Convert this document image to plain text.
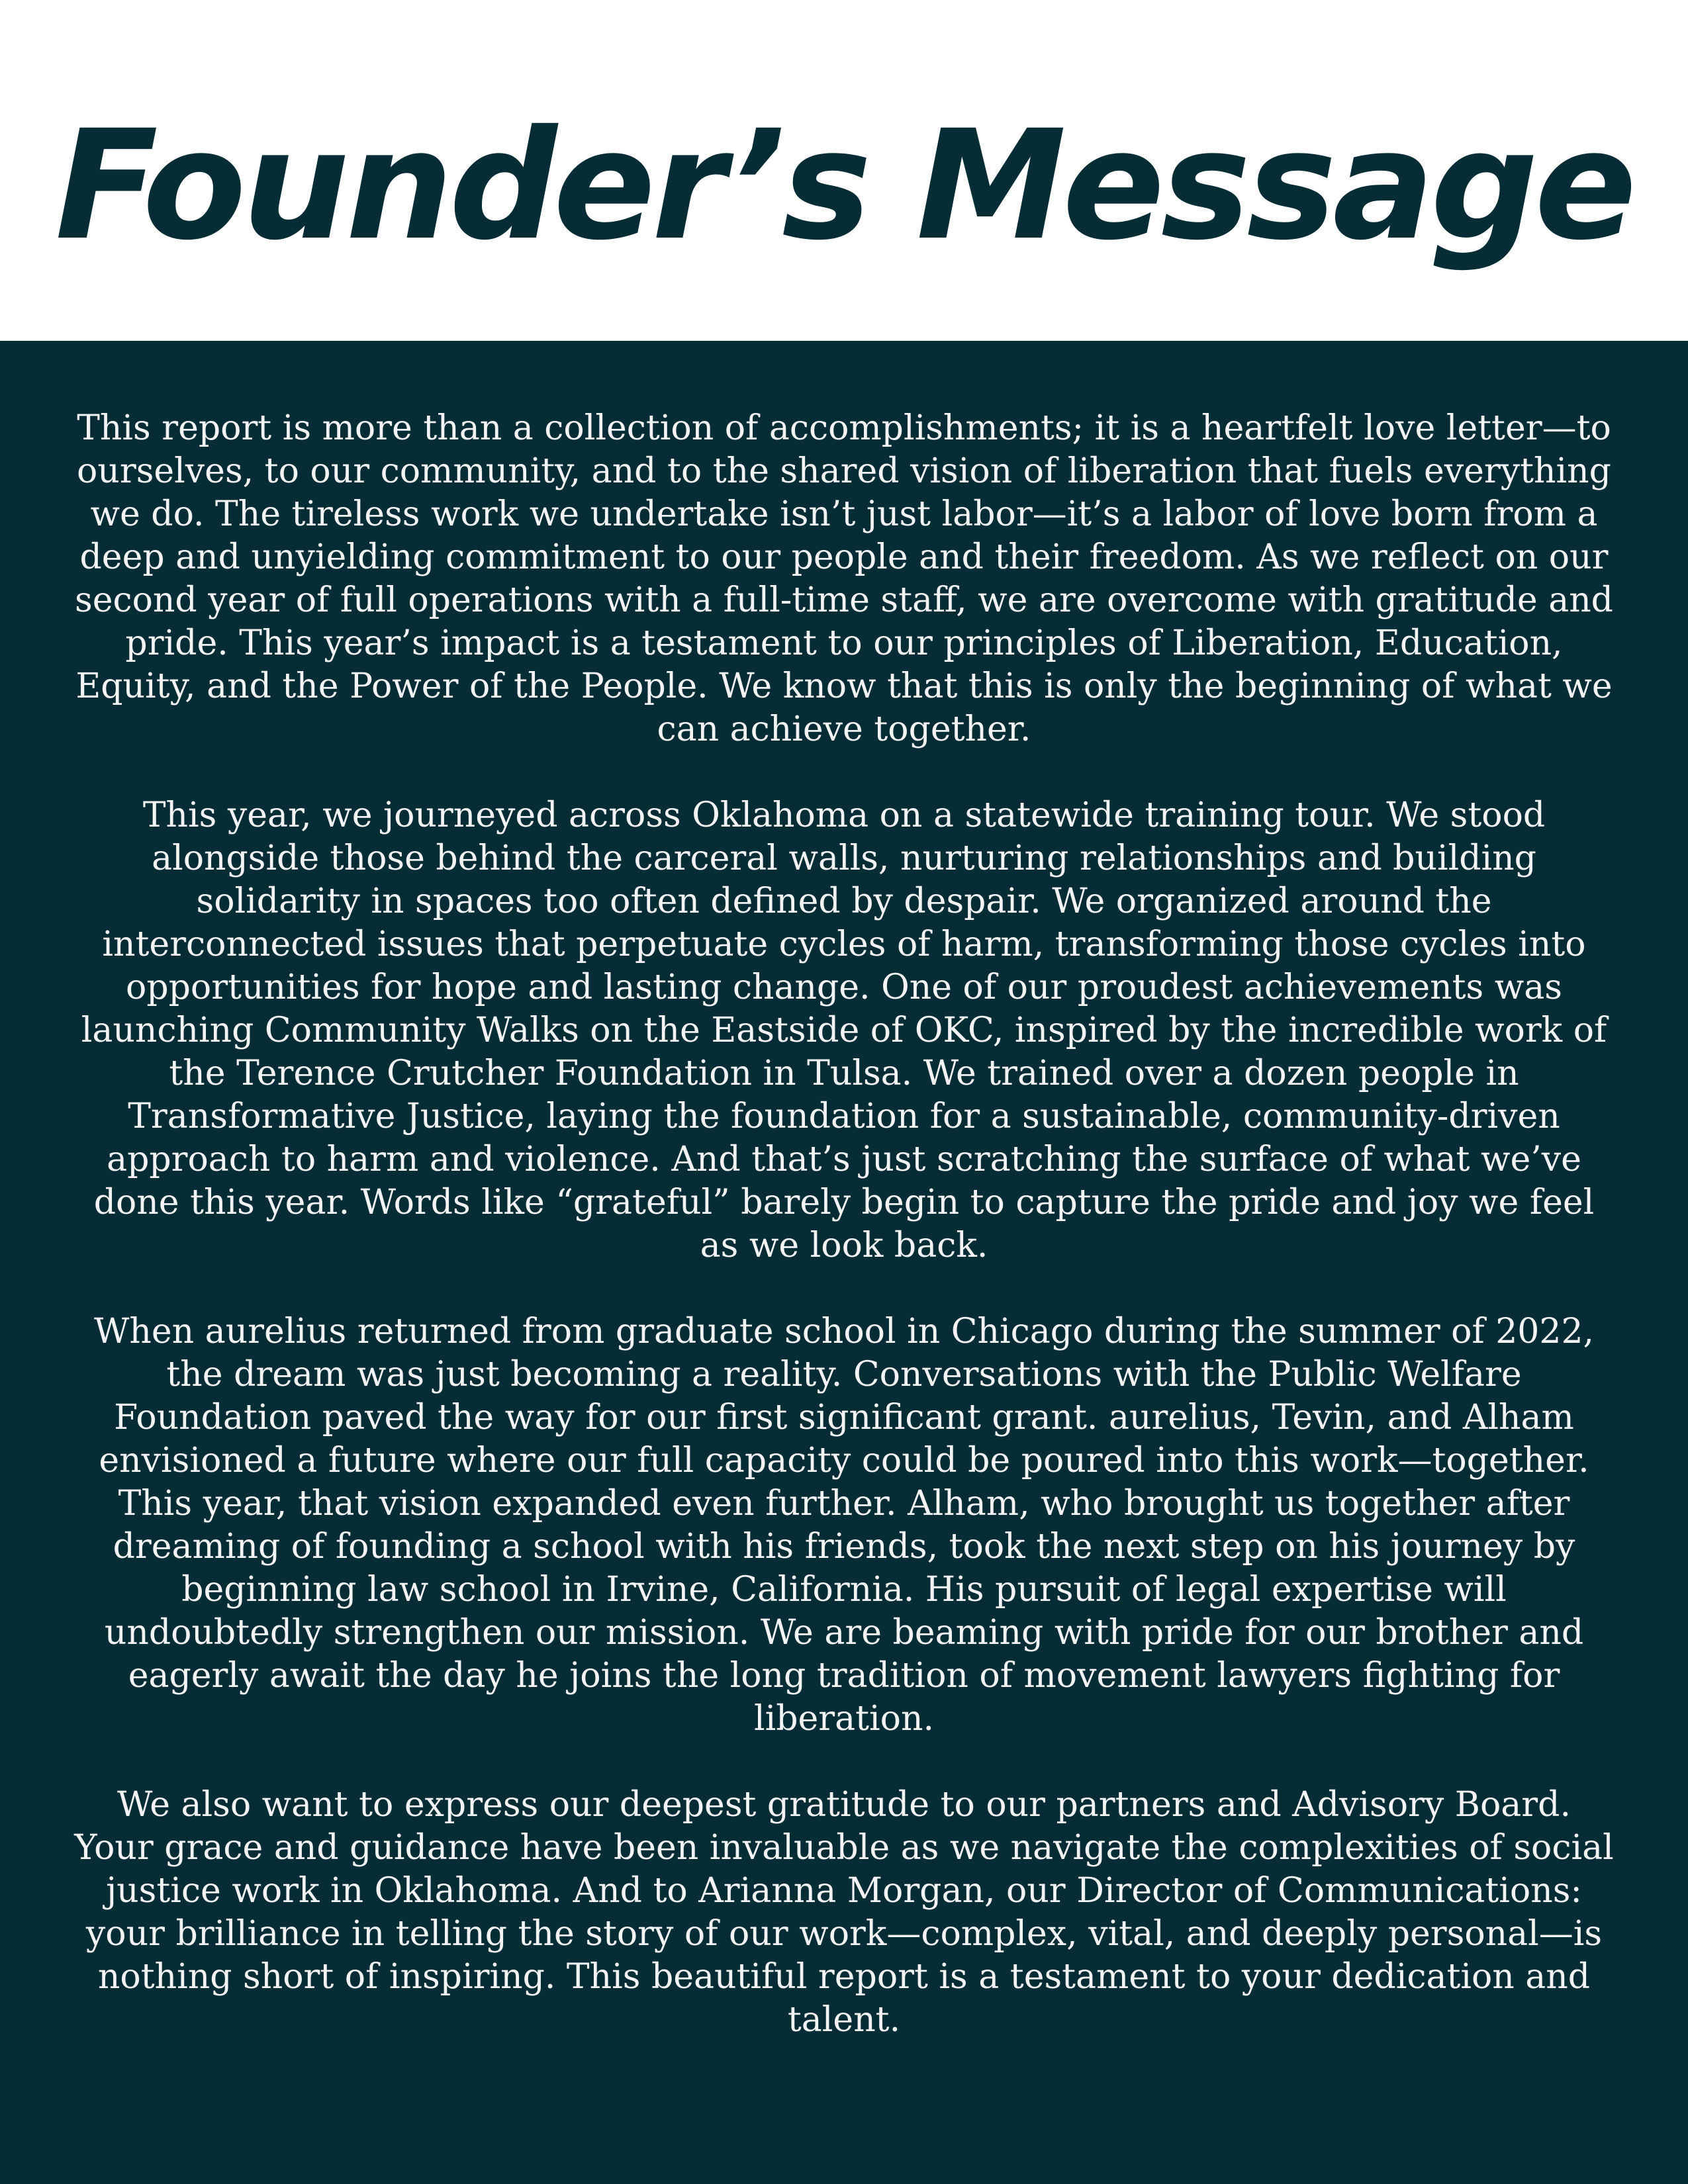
Founder’s Message

This report is more than a collection of accomplishments; it is a heartfelt love letter—to ourselves, to our community, and to the shared vision of liberation that fuels everything we do. The tireless work we undertake isn’t just labor—it’s a labor of love born from a deep and unyielding commitment to our people and their freedom. As we reflect on our second year of full operations with a full-time staff, we are overcome with gratitude and pride. This year’s impact is a testament to our principles of Liberation, Education, Equity, and the Power of the People. We know that this is only the beginning of what we can achieve together.

This year, we journeyed across Oklahoma on a statewide training tour. We stood alongside those behind the carceral walls, nurturing relationships and building solidarity in spaces too often defined by despair. We organized around the interconnected issues that perpetuate cycles of harm, transforming those cycles into opportunities for hope and lasting change. One of our proudest achievements was launching Community Walks on the Eastside of OKC, inspired by the incredible work of the Terence Crutcher Foundation in Tulsa. We trained over a dozen people in Transformative Justice, laying the foundation for a sustainable, community-driven approach to harm and violence. And that’s just scratching the surface of what we’ve done this year. Words like “grateful” barely begin to capture the pride and joy we feel as we look back.

When aurelius returned from graduate school in Chicago during the summer of 2022, the dream was just becoming a reality. Conversations with the Public Welfare Foundation paved the way for our first significant grant. aurelius, Tevin, and Alham envisioned a future where our full capacity could be poured into this work—together. This year, that vision expanded even further. Alham, who brought us together after dreaming of founding a school with his friends, took the next step on his journey by beginning law school in Irvine, California. His pursuit of legal expertise will undoubtedly strengthen our mission. We are beaming with pride for our brother and eagerly await the day he joins the long tradition of movement lawyers fighting for liberation.

We also want to express our deepest gratitude to our partners and Advisory Board. Your grace and guidance have been invaluable as we navigate the complexities of social justice work in Oklahoma. And to Arianna Morgan, our Director of Communications: your brilliance in telling the story of our work—complex, vital, and deeply personal—is nothing short of inspiring. This beautiful report is a testament to your dedication and talent.
